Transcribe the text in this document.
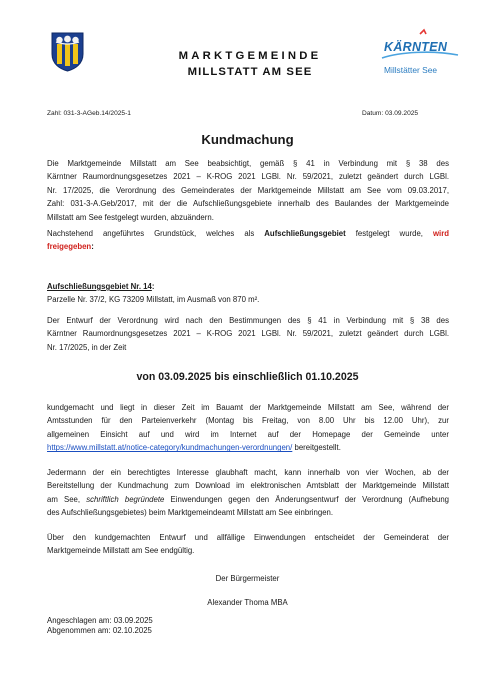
MARKTGEMEINDE
MILLSTATT AM SEE
KÄRNTEN
Millstätter See
Zahl: 031-3-AGeb.14/2025-1	Datum: 03.09.2025
Kundmachung

Die Marktgemeinde Millstatt am See beabsichtigt, gemäß § 41 in Verbindung mit § 38 des

Kärntner Raumordnungsgesetzes 2021 – K-ROG 2021 LGBl. Nr. 59/2021, zuletzt geändert durch LGBl.

Nr. 17/2025, die Verordnung des Gemeinderates der Marktgemeinde Millstatt am See vom 09.03.2017,

Zahl: 031-3-A.Geb/2017, mit der die Aufschließungsgebiete innerhalb des Baulandes der Marktgemeinde

Millstatt am See festgelegt wurden, abzuändern.

Nachstehend angeführtes Grundstück, welches als Aufschließungsgebiet festgelegt wurde, wird

freigegeben:

Aufschließungsgebiet Nr. 14:

Parzelle Nr. 37/2, KG 73209 Millstatt, im Ausmaß von 870 m².

Der Entwurf der Verordnung wird nach den Bestimmungen des § 41 in Verbindung mit § 38 des

Kärntner Raumordnungsgesetzes 2021 – K-ROG 2021 LGBl. Nr. 59/2021, zuletzt geändert durch LGBl.

Nr. 17/2025, in der Zeit

von 03.09.2025 bis einschließlich 01.10.2025

kundgemacht und liegt in dieser Zeit im Bauamt der Marktgemeinde Millstatt am See, während der

Amtsstunden für den Parteienverkehr (Montag bis Freitag, von 8.00 Uhr bis 12.00 Uhr), zur

allgemeinen Einsicht auf und wird im Internet auf der Homepage der Gemeinde unter

https://www.millstatt.at/notice-category/kundmachungen-verordnungen/ bereitgestellt.

Jedermann der ein berechtigtes Interesse glaubhaft macht, kann innerhalb von vier Wochen, ab der

Bereitstellung der Kundmachung zum Download im elektronischen Amtsblatt der Marktgemeinde Millstatt

am See, schriftlich begründete Einwendungen gegen den Änderungsentwurf der Verordnung (Aufhebung

des Aufschließungsgebietes) beim Marktgemeindeamt Millstatt am See einbringen.

Über den kundgemachten Entwurf und allfällige Einwendungen entscheidet der Gemeinderat der

Marktgemeinde Millstatt am See endgültig.

Der Bürgermeister
Alexander Thoma MBA
Angeschlagen am: 03.09.2025
Abgenommen am: 02.10.2025
